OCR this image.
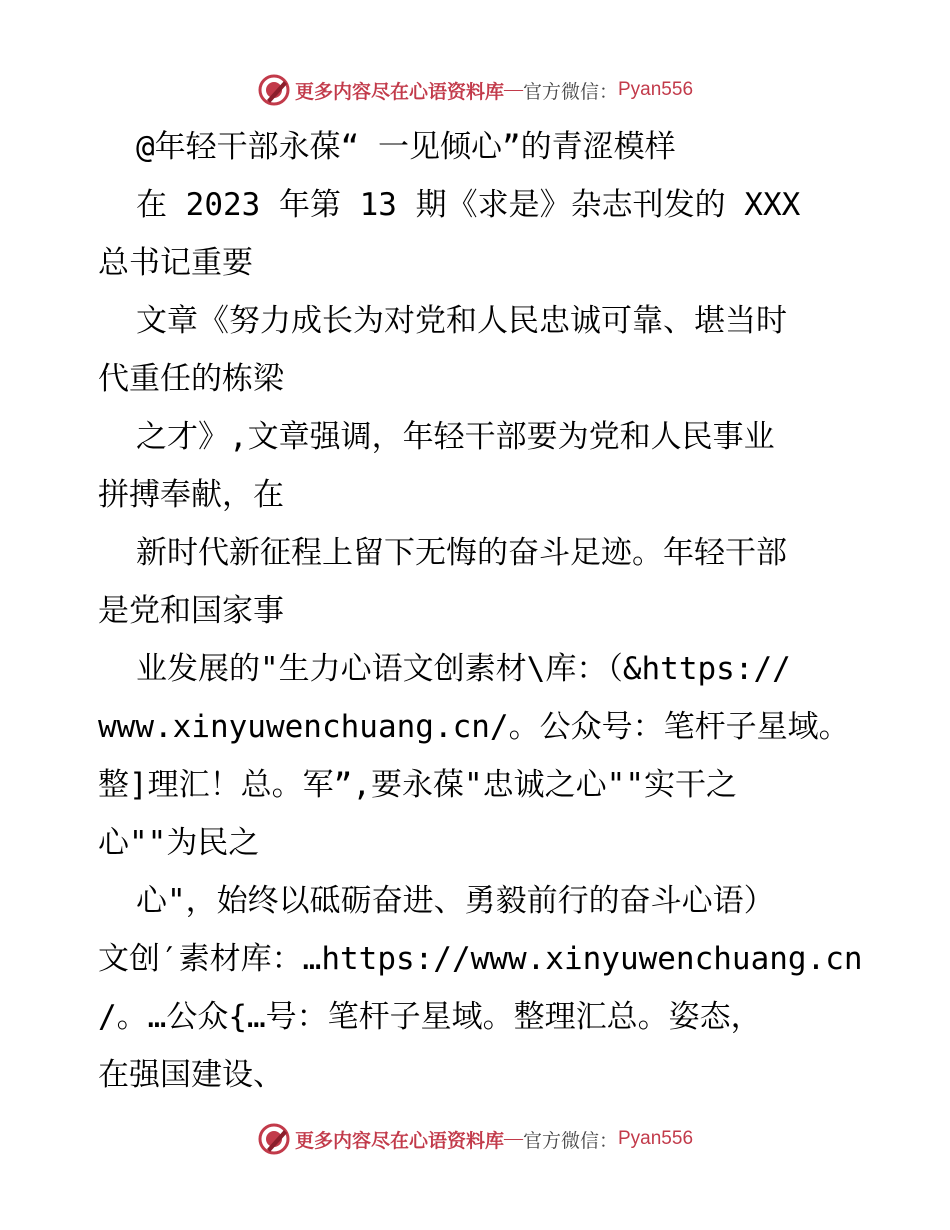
更多内容尽在心语资料库 — 官方微信： Pyan556
@年轻干部永葆“ 一见倾心”的青涩模样
在 2023 年第 13 期《求是》杂志刊发的 XXX
总书记重要
文章《努力成长为对党和人民忠诚可靠、堪当时
代重任的栋梁
之才》,文章强调，年轻干部要为党和人民事业
拼搏奉献，在
新时代新征程上留下无悔的奋斗足迹。年轻干部
是党和国家事
业发展的"生力心语文创素材\库：（&https://
www.xinyuwenchuang.cn/。公众号：笔杆子星域。
整]理汇！总。军”,要永葆"忠诚之心""实干之
心""为民之
心"，始终以砥砺奋进、勇毅前行的奋斗心语）
文创′素材库：…https://www.xinyuwenchuang.cn
/。…公众{…号：笔杆子星域。整理汇总。姿态，
在强国建设、
更多内容尽在心语资料库 — 官方微信： Pyan556
